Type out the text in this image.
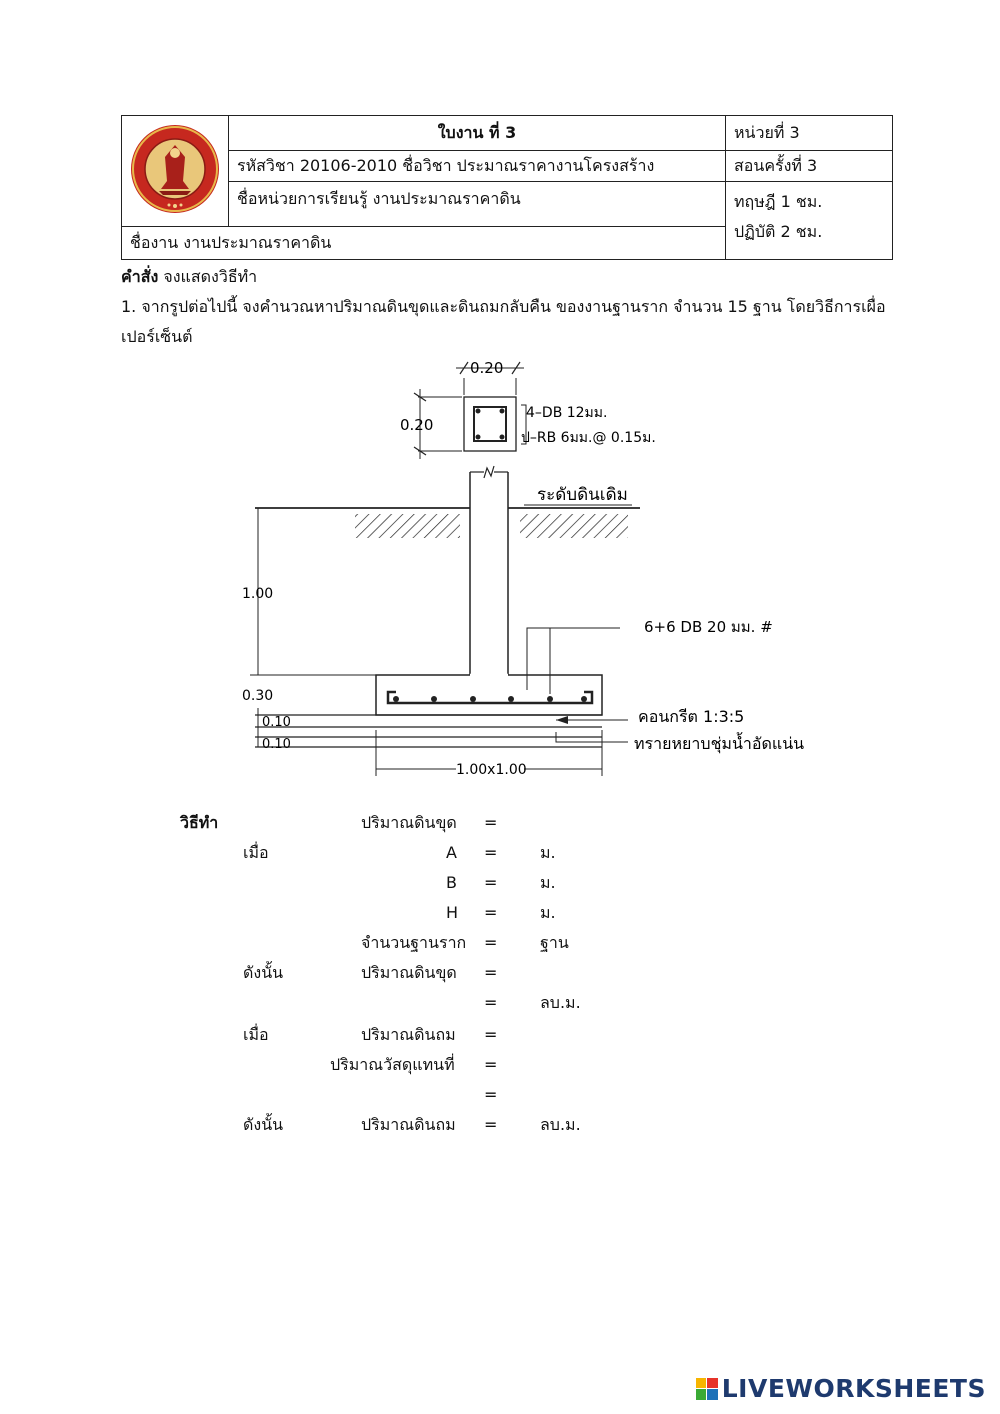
	ใบงาน ที่ 3	หน่วยที่ 3
	รหัสวิชา 20106-2010 ชื่อวิชา ประมาณราคางานโครงสร้าง	สอนครั้งที่ 3
	ชื่อหน่วยการเรียนรู้ งานประมาณราคาดิน	ทฤษฎี 1 ชม.
ปฏิบัติ 2 ชม.

ชื่องาน งานประมาณราคาดิน		
คำสั่ง จงแสดงวิธีทำ
1. จากรูปต่อไปนี้ จงคำนวณหาปริมาณดินขุดและดินถมกลับคืน ของงานฐานราก จำนวน 15 ฐาน โดยวิธีการเผื่อเปอร์เซ็นต์
0.20
0.20
4–DB 12มม.
ป–RB 6มม.@ 0.15ม.
ระดับดินเดิม
1.00
6+6 DB 20 มม. #
0.30
0.10
0.10
คอนกรีต 1:3:5
ทรายหยาบชุ่มน้ำอัดแน่น
1.00x1.00
วิธีทำ	ปริมาณดินขุด =
เมื่อ	A =	ม.
B =	ม.
H =	ม.
จำนวนฐานราก =	ฐาน
ดังนั้น	ปริมาณดินขุด =
=	ลบ.ม.
เมื่อ	ปริมาณดินถม =
ปริมาณวัสดุแทนที่ =
=
ดังนั้น	ปริมาณดินถม =	ลบ.ม.
LIVEWORKSHEETS
